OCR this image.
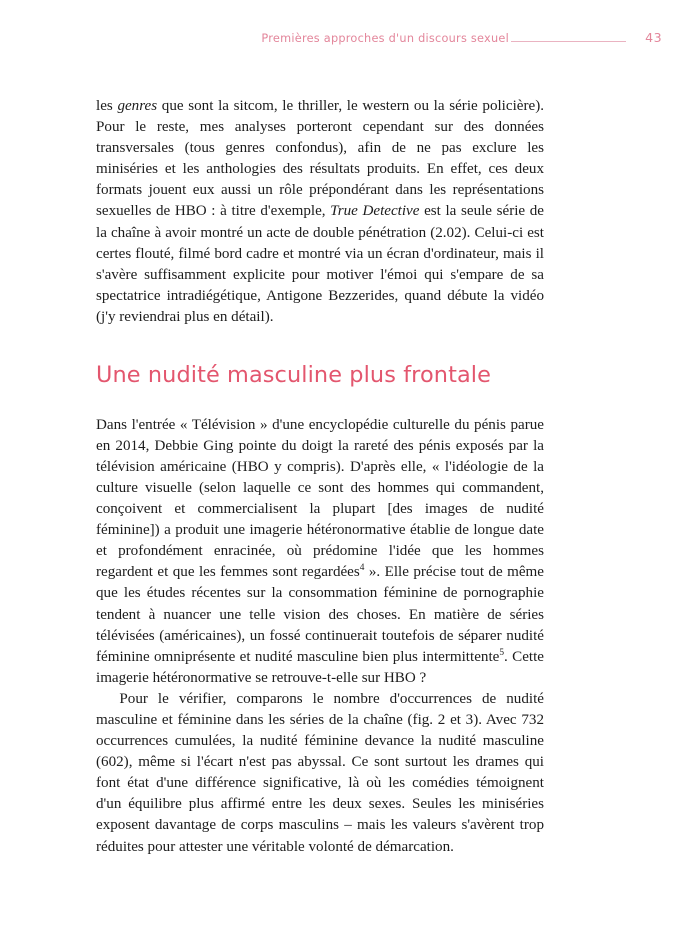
Premières approches d'un discours sexuel	43

les genres que sont la sitcom, le thriller, le western ou la série policière). Pour le reste, mes analyses porteront cependant sur des données transversales (tous genres confondus), afin de ne pas exclure les miniséries et les anthologies des résultats produits. En effet, ces deux formats jouent eux aussi un rôle prépondérant dans les représentations sexuelles de HBO : à titre d'exemple, True Detective est la seule série de la chaîne à avoir montré un acte de double pénétration (2.02). Celui-ci est certes flouté, filmé bord cadre et montré via un écran d'ordinateur, mais il s'avère suffisamment explicite pour motiver l'émoi qui s'empare de sa spectatrice intradiégétique, Antigone Bezzerides, quand débute la vidéo (j'y reviendrai plus en détail).

Une nudité masculine plus frontale

Dans l'entrée « Télévision » d'une encyclopédie culturelle du pénis parue en 2014, Debbie Ging pointe du doigt la rareté des pénis exposés par la télévision américaine (HBO y compris). D'après elle, « l'idéologie de la culture visuelle (selon laquelle ce sont des hommes qui commandent, conçoivent et commercialisent la plupart [des images de nudité féminine]) a produit une imagerie hétéronormative établie de longue date et profondément enracinée, où prédomine l'idée que les hommes regardent et que les femmes sont regardées$^4$ ». Elle précise tout de même que les études récentes sur la consommation féminine de pornographie tendent à nuancer une telle vision des choses. En matière de séries télévisées (américaines), un fossé continuerait toutefois de séparer nudité féminine omniprésente et nudité masculine bien plus intermittente$^5$. Cette imagerie hétéronormative se retrouve-t-elle sur HBO ?

Pour le vérifier, comparons le nombre d'occurrences de nudité masculine et féminine dans les séries de la chaîne (fig. 2 et 3). Avec 732 occurrences cumulées, la nudité féminine devance la nudité masculine (602), même si l'écart n'est pas abyssal. Ce sont surtout les drames qui font état d'une différence significative, là où les comédies témoignent d'un équilibre plus affirmé entre les deux sexes. Seules les miniséries exposent davantage de corps masculins – mais les valeurs s'avèrent trop réduites pour attester une véritable volonté de démarcation.
